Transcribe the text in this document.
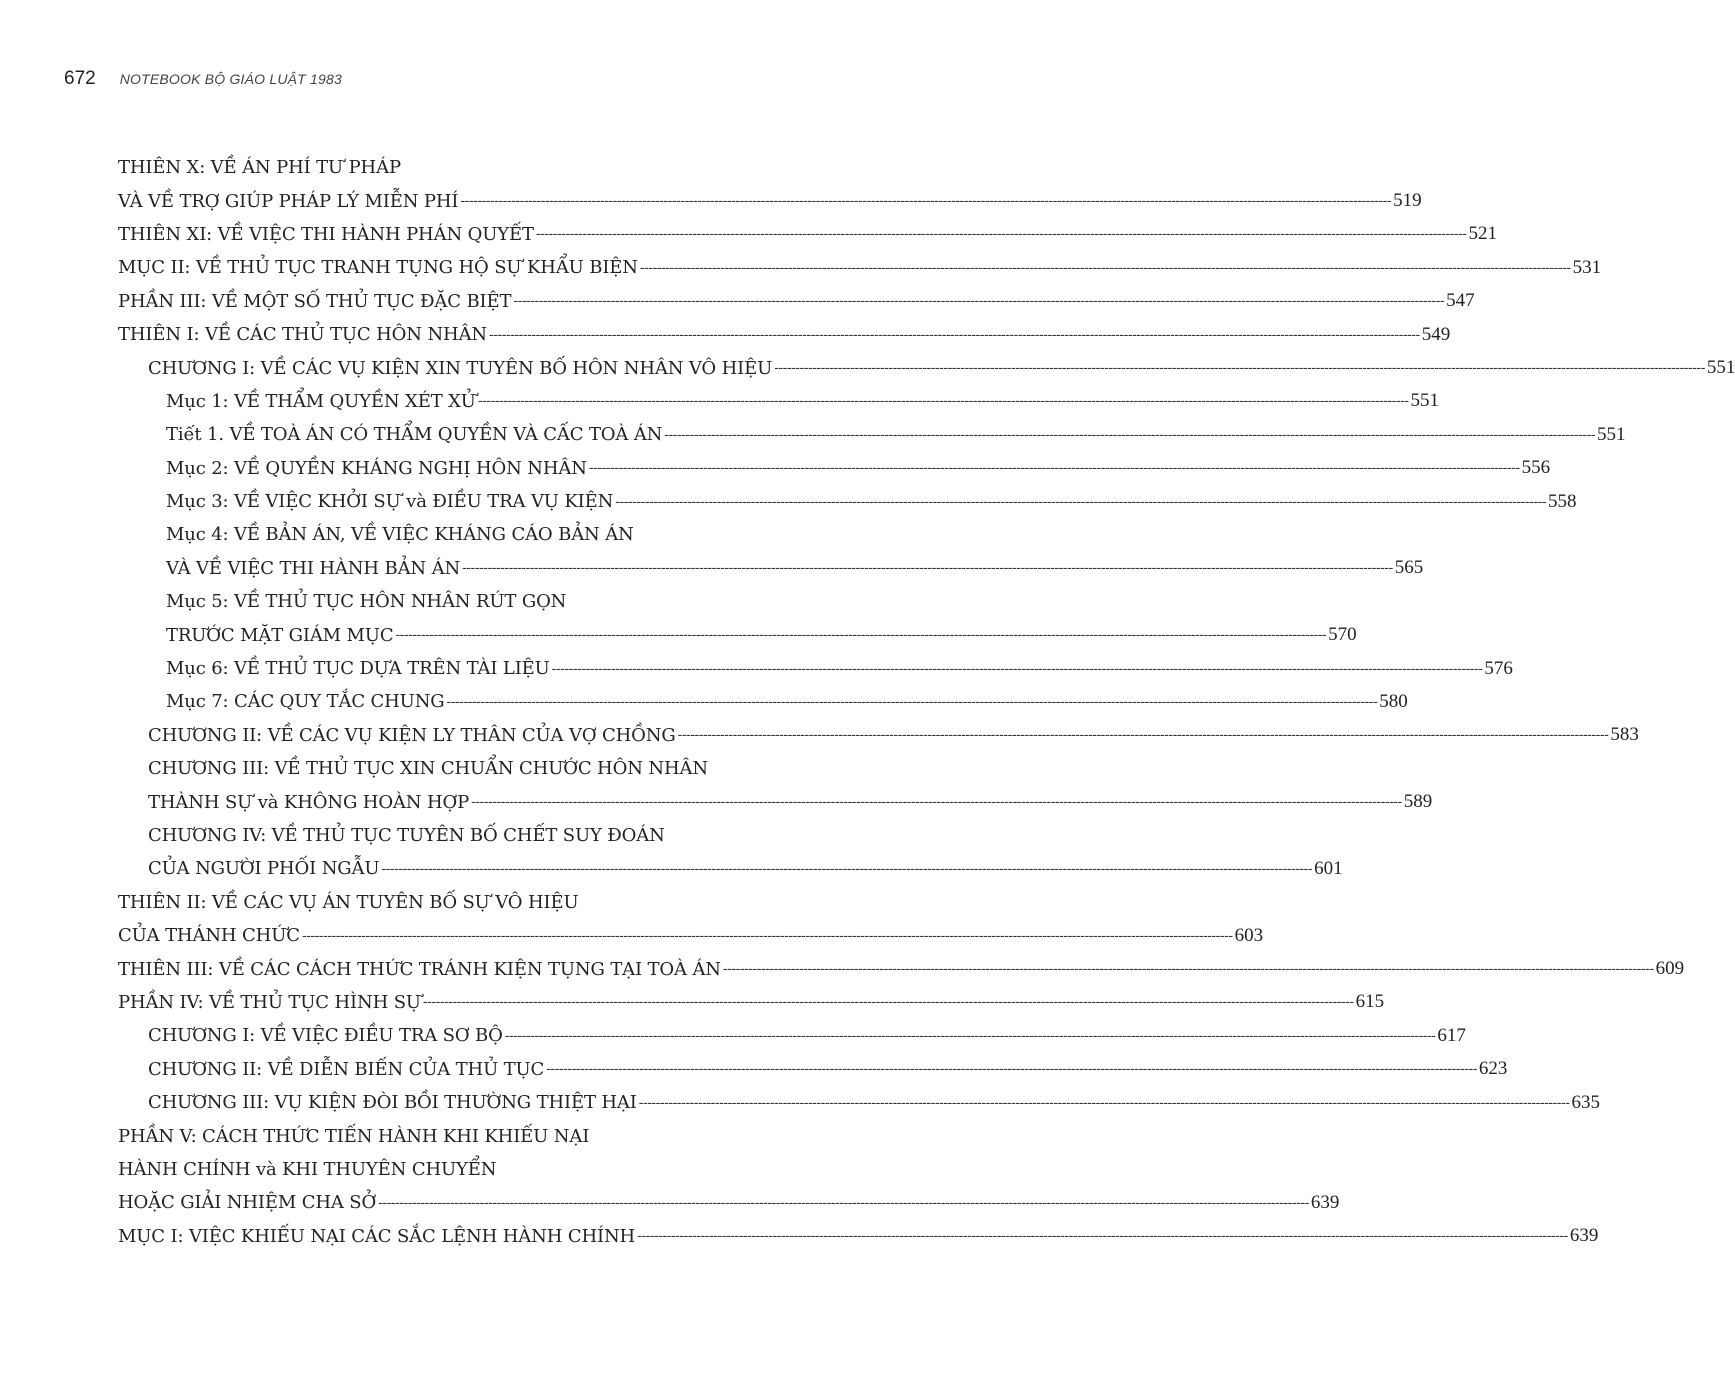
672 NOTEBOOK BỘ GIÁO LUẬT 1983
THIÊN X: VỀ ÁN PHÍ TƯ PHÁP
VÀ VỀ TRỢ GIÚP PHÁP LÝ MIỄN PHÍ ---------------------------------------------------------------------------------------------------------------------------------------------------------------------------------------------------------------------------- 519
THIÊN XI: VỀ VIỆC THI HÀNH PHÁN QUYẾT ---------------------------------------------------------------------------------------------------------------------------------------------------------------------------------------------------------------------------- 521
MỤC II: VỀ THỦ TỤC TRANH TỤNG HỘ SỰ KHẨU BIỆN ---------------------------------------------------------------------------------------------------------------------------------------------------------------------------------------------------------------------------- 531
PHẦN III: VỀ MỘT SỐ THỦ TỤC ĐẶC BIỆT ---------------------------------------------------------------------------------------------------------------------------------------------------------------------------------------------------------------------------- 547
THIÊN I: VỀ CÁC THỦ TỤC HÔN NHÂN ---------------------------------------------------------------------------------------------------------------------------------------------------------------------------------------------------------------------------- 549
CHƯƠNG I: VỀ CÁC VỤ KIỆN XIN TUYÊN BỐ HÔN NHÂN VÔ HIỆU ---------------------------------------------------------------------------------------------------------------------------------------------------------------------------------------------------------------------------- 551
Mục 1: VỀ THẨM QUYỀN XÉT XỬ ---------------------------------------------------------------------------------------------------------------------------------------------------------------------------------------------------------------------------- 551
Tiết 1. VỀ TOÀ ÁN CÓ THẨM QUYỀN VÀ CẤC TOÀ ÁN ---------------------------------------------------------------------------------------------------------------------------------------------------------------------------------------------------------------------------- 551
Mục 2: VỀ QUYỀN KHÁNG NGHỊ HÔN NHÂN ---------------------------------------------------------------------------------------------------------------------------------------------------------------------------------------------------------------------------- 556
Mục 3: VỀ VIỆC KHỞI SỰ và ĐIỀU TRA VỤ KIỆN ---------------------------------------------------------------------------------------------------------------------------------------------------------------------------------------------------------------------------- 558
Mục 4: VỀ BẢN ÁN, VỀ VIỆC KHÁNG CÁO BẢN ÁN
VÀ VỀ VIỆC THI HÀNH BẢN ÁN ---------------------------------------------------------------------------------------------------------------------------------------------------------------------------------------------------------------------------- 565
Mục 5: VỀ THỦ TỤC HÔN NHÂN RÚT GỌN
TRƯỚC MẶT GIÁM MỤC ---------------------------------------------------------------------------------------------------------------------------------------------------------------------------------------------------------------------------- 570
Mục 6: VỀ THỦ TỤC DỰA TRÊN TÀI LIỆU ---------------------------------------------------------------------------------------------------------------------------------------------------------------------------------------------------------------------------- 576
Mục 7: CÁC QUY TẮC CHUNG ---------------------------------------------------------------------------------------------------------------------------------------------------------------------------------------------------------------------------- 580
CHƯƠNG II: VỀ CÁC VỤ KIỆN LY THÂN CỦA VỢ CHỒNG ---------------------------------------------------------------------------------------------------------------------------------------------------------------------------------------------------------------------------- 583
CHƯƠNG III: VỀ THỦ TỤC XIN CHUẨN CHƯỚC HÔN NHÂN
THÀNH SỰ và KHÔNG HOÀN HỢP ---------------------------------------------------------------------------------------------------------------------------------------------------------------------------------------------------------------------------- 589
CHƯƠNG IV: VỀ THỦ TỤC TUYÊN BỐ CHẾT SUY ĐOÁN
CỦA NGƯỜI PHỐI NGẪU ---------------------------------------------------------------------------------------------------------------------------------------------------------------------------------------------------------------------------- 601
THIÊN II: VỀ CÁC VỤ ÁN TUYÊN BỐ SỰ VÔ HIỆU
CỦA THÁNH CHỨC ---------------------------------------------------------------------------------------------------------------------------------------------------------------------------------------------------------------------------- 603
THIÊN III: VỀ CÁC CÁCH THỨC TRÁNH KIỆN TỤNG TẠI TOÀ ÁN ---------------------------------------------------------------------------------------------------------------------------------------------------------------------------------------------------------------------------- 609
PHẦN IV: VỀ THỦ TỤC HÌNH SỰ ---------------------------------------------------------------------------------------------------------------------------------------------------------------------------------------------------------------------------- 615
CHƯƠNG I: VỀ VIỆC ĐIỀU TRA SƠ BỘ ---------------------------------------------------------------------------------------------------------------------------------------------------------------------------------------------------------------------------- 617
CHƯƠNG II: VỀ DIỄN BIẾN CỦA THỦ TỤC ---------------------------------------------------------------------------------------------------------------------------------------------------------------------------------------------------------------------------- 623
CHƯƠNG III: VỤ KIỆN ĐÒI BỒI THƯỜNG THIỆT HẠI ---------------------------------------------------------------------------------------------------------------------------------------------------------------------------------------------------------------------------- 635
PHẦN V: CÁCH THỨC TIẾN HÀNH KHI KHIẾU NẠI
HÀNH CHÍNH và KHI THUYÊN CHUYỂN
HOẶC GIẢI NHIỆM CHA SỞ ---------------------------------------------------------------------------------------------------------------------------------------------------------------------------------------------------------------------------- 639
MỤC I: VIỆC KHIẾU NẠI CÁC SẮC LỆNH HÀNH CHÍNH ---------------------------------------------------------------------------------------------------------------------------------------------------------------------------------------------------------------------------- 639
